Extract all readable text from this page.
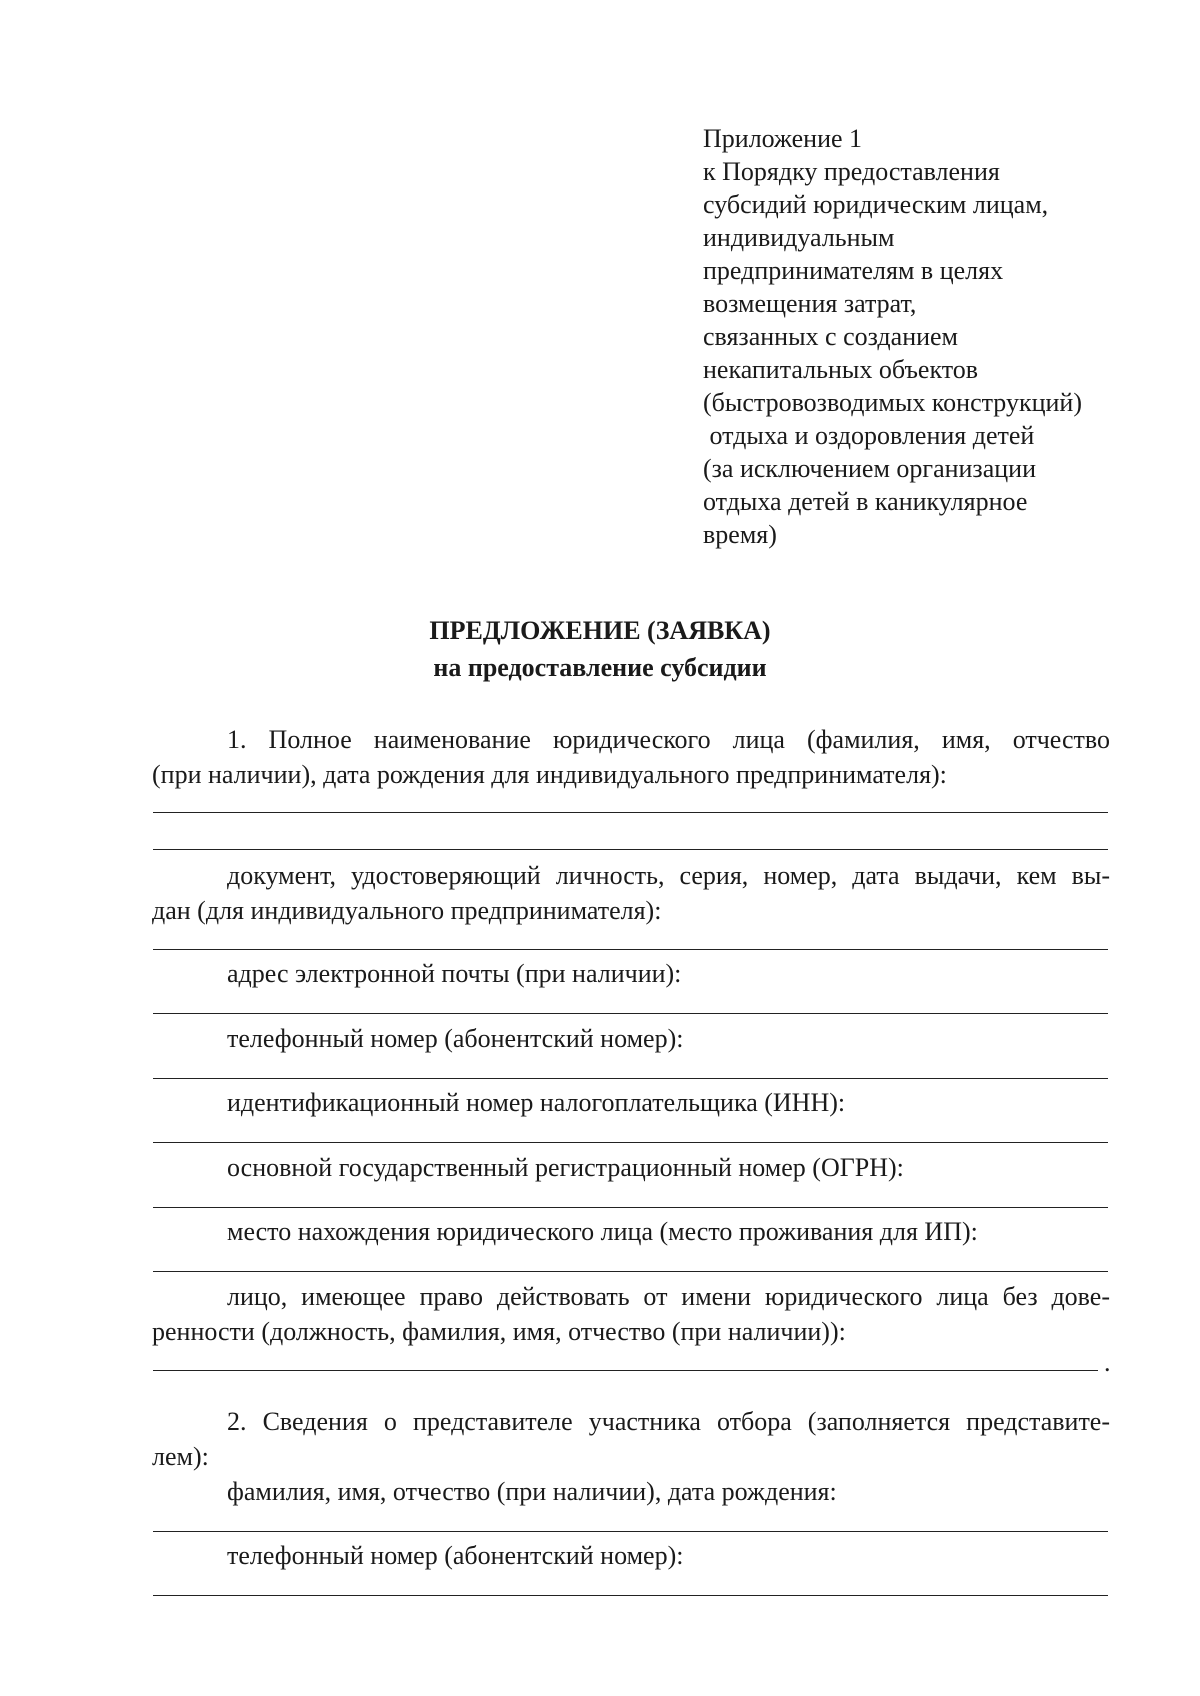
Приложение 1
к Порядку предоставления
субсидий юридическим лицам,
индивидуальным
предпринимателям в целях
возмещения затрат,
связанных с созданием
некапитальных объектов
(быстровозводимых конструкций)
отдыха и оздоровления детей
(за исключением организации
отдыха детей в каникулярное
время)
ПРЕДЛОЖЕНИЕ (ЗАЯВКА)
на предоставление субсидии
1. Полное наименование юридического лица (фамилия, имя, отчество
(при наличии), дата рождения для индивидуального предпринимателя):
документ, удостоверяющий личность, серия, номер, дата выдачи, кем вы-
дан (для индивидуального предпринимателя):
адрес электронной почты (при наличии):
телефонный номер (абонентский номер):
идентификационный номер налогоплательщика (ИНН):
основной государственный регистрационный номер (ОГРН):
место нахождения юридического лица (место проживания для ИП):
лицо, имеющее право действовать от имени юридического лица без дове-
ренности (должность, фамилия, имя, отчество (при наличии)):
.
2. Сведения о представителе участника отбора (заполняется представите-
лем):
фамилия, имя, отчество (при наличии), дата рождения:
телефонный номер (абонентский номер):
